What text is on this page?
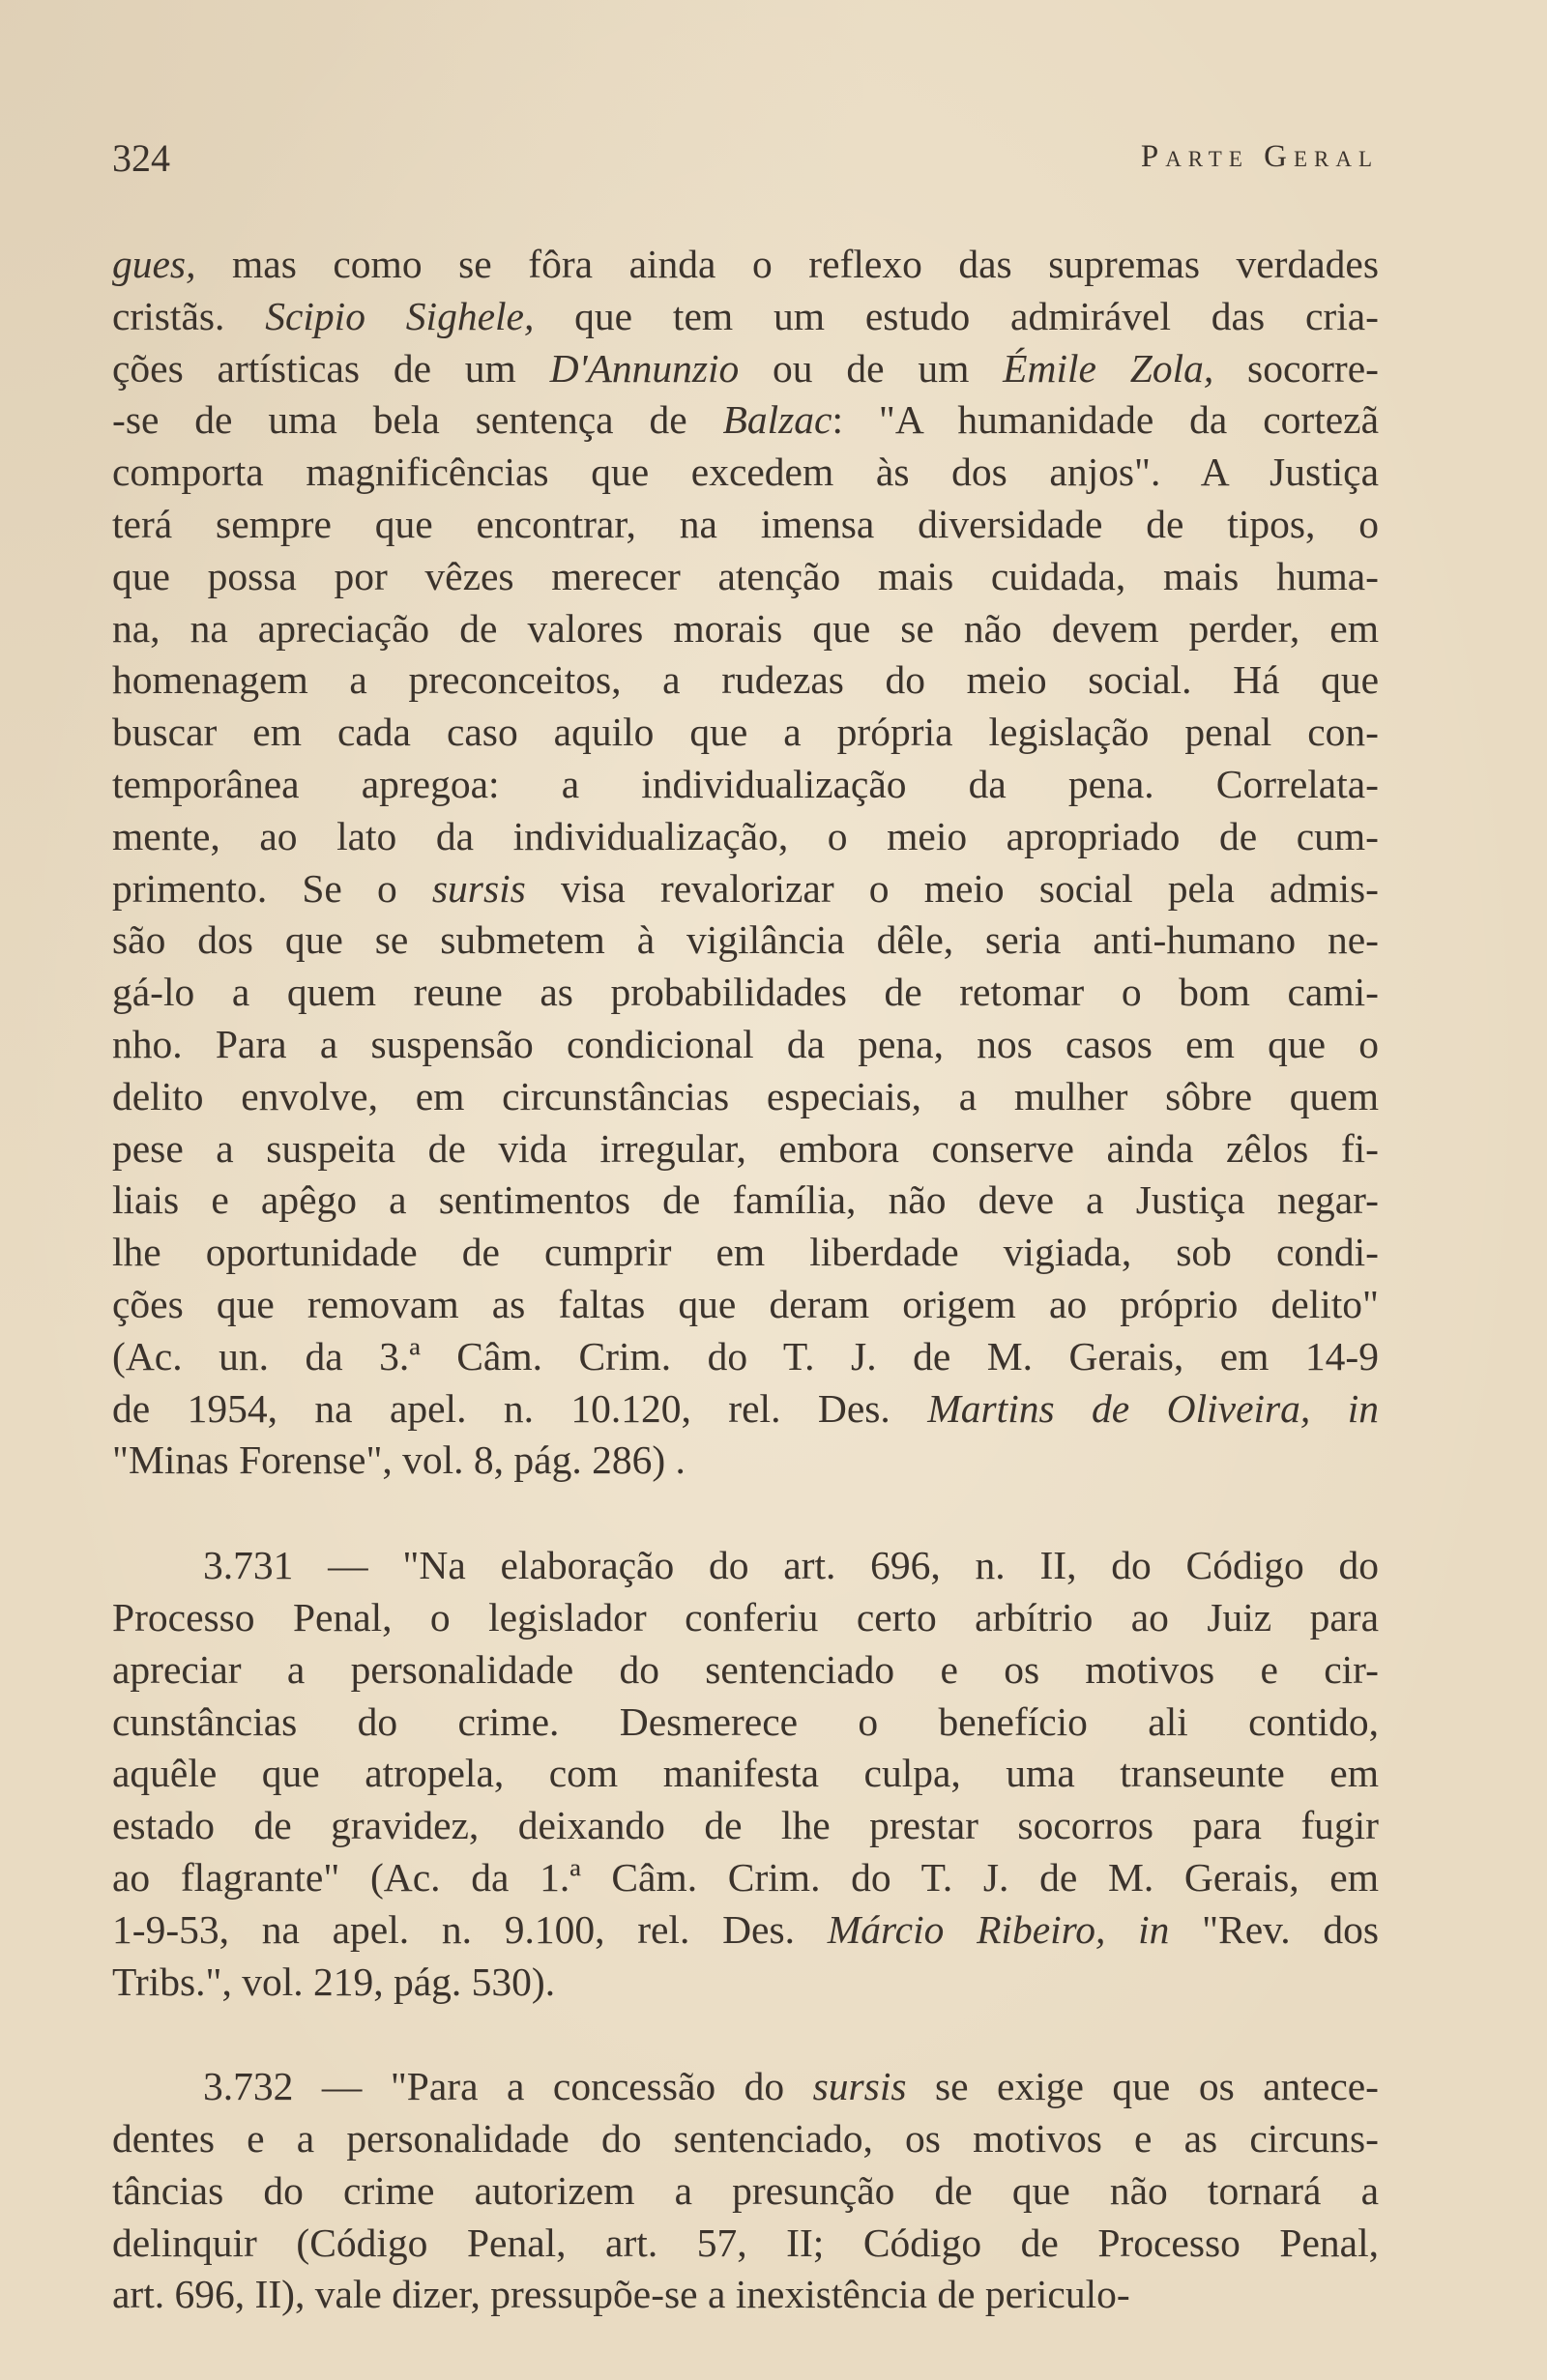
324	Parte Geral

gues, mas como se fôra ainda o reflexo das supremas verdades
cristãs. Scipio Sighele, que tem um estudo admirável das cria-
ções artísticas de um D'Annunzio ou de um Émile Zola, socorre-
-se de uma bela sentença de Balzac: "A humanidade da cortezã
comporta magnificências que excedem às dos anjos". A Justiça
terá sempre que encontrar, na imensa diversidade de tipos, o
que possa por vêzes merecer atenção mais cuidada, mais huma-
na, na apreciação de valores morais que se não devem perder, em
homenagem a preconceitos, a rudezas do meio social. Há que
buscar em cada caso aquilo que a própria legislação penal con-
temporânea apregoa: a individualização da pena. Correlata-
mente, ao lato da individualização, o meio apropriado de cum-
primento. Se o sursis visa revalorizar o meio social pela admis-
são dos que se submetem à vigilância dêle, seria anti-humano ne-
gá-lo a quem reune as probabilidades de retomar o bom cami-
nho. Para a suspensão condicional da pena, nos casos em que o
delito envolve, em circunstâncias especiais, a mulher sôbre quem
pese a suspeita de vida irregular, embora conserve ainda zêlos fi-
liais e apêgo a sentimentos de família, não deve a Justiça negar-
lhe oportunidade de cumprir em liberdade vigiada, sob condi-
ções que removam as faltas que deram origem ao próprio delito"
(Ac. un. da 3.ª Câm. Crim. do T. J. de M. Gerais, em 14-9
de 1954, na apel. n. 10.120, rel. Des. Martins de Oliveira, in
"Minas Forense", vol. 8, pág. 286) .

3.731 — "Na elaboração do art. 696, n. II, do Código do
Processo Penal, o legislador conferiu certo arbítrio ao Juiz para
apreciar a personalidade do sentenciado e os motivos e cir-
cunstâncias do crime. Desmerece o benefício ali contido,
aquêle que atropela, com manifesta culpa, uma transeunte em
estado de gravidez, deixando de lhe prestar socorros para fugir
ao flagrante" (Ac. da 1.ª Câm. Crim. do T. J. de M. Gerais, em
1-9-53, na apel. n. 9.100, rel. Des. Márcio Ribeiro, in "Rev. dos
Tribs.", vol. 219, pág. 530).

3.732 — "Para a concessão do sursis se exige que os antece-
dentes e a personalidade do sentenciado, os motivos e as circuns-
tâncias do crime autorizem a presunção de que não tornará a
delinquir (Código Penal, art. 57, II; Código de Processo Penal,
art. 696, II), vale dizer, pressupõe-se a inexistência de periculo-
